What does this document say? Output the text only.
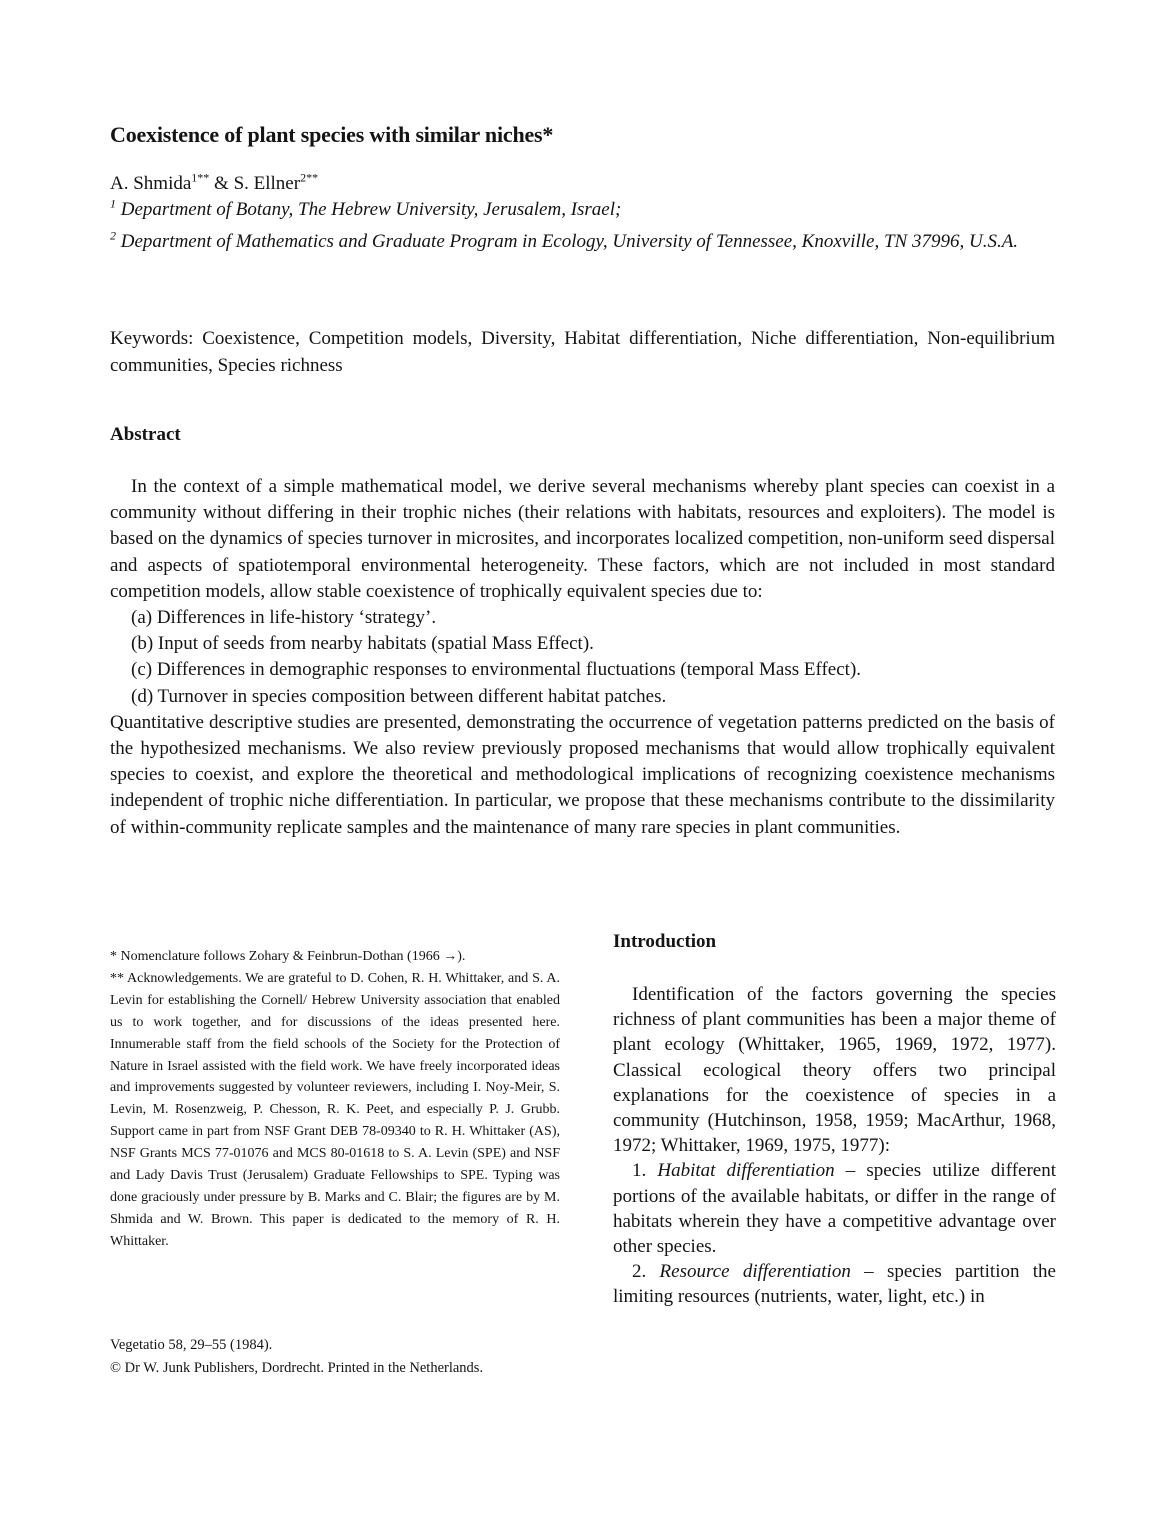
Coexistence of plant species with similar niches*
A. Shmida$^{1**}$ & S. Ellner$^{2**}$
$^1$ Department of Botany, The Hebrew University, Jerusalem, Israel;
$^2$ Department of Mathematics and Graduate Program in Ecology, University of Tennessee, Knoxville, TN 37996, U.S.A.
Keywords: Coexistence, Competition models, Diversity, Habitat differentiation, Niche differentiation, Non-equilibrium communities, Species richness
Abstract

In the context of a simple mathematical model, we derive several mechanisms whereby plant species can coexist in a community without differing in their trophic niches (their relations with habitats, resources and exploiters). The model is based on the dynamics of species turnover in microsites, and incorporates localized competition, non-uniform seed dispersal and aspects of spatiotemporal environmental heterogeneity. These factors, which are not included in most standard competition models, allow stable coexistence of trophically equivalent species due to:

(a) Differences in life-history ‘strategy’.
(b) Input of seeds from nearby habitats (spatial Mass Effect).
(c) Differences in demographic responses to environmental fluctuations (temporal Mass Effect).
(d) Turnover in species composition between different habitat patches.

Quantitative descriptive studies are presented, demonstrating the occurrence of vegetation patterns predicted on the basis of the hypothesized mechanisms. We also review previously proposed mechanisms that would allow trophically equivalent species to coexist, and explore the theoretical and methodological implications of recognizing coexistence mechanisms independent of trophic niche differentiation. In particular, we propose that these mechanisms contribute to the dissimilarity of within-community replicate samples and the maintenance of many rare species in plant communities.

* Nomenclature follows Zohary & Feinbrun-Dothan (1966 →).

** Acknowledgements. We are grateful to D. Cohen, R. H. Whittaker, and S. A. Levin for establishing the Cornell/ Hebrew University association that enabled us to work together, and for discussions of the ideas presented here. Innumerable staff from the field schools of the Society for the Protection of Nature in Israel assisted with the field work. We have freely incorporated ideas and improvements suggested by volunteer reviewers, including I. Noy-Meir, S. Levin, M. Rosenzweig, P. Chesson, R. K. Peet, and especially P. J. Grubb. Support came in part from NSF Grant DEB 78-09340 to R. H. Whittaker (AS), NSF Grants MCS 77-01076 and MCS 80-01618 to S. A. Levin (SPE) and NSF and Lady Davis Trust (Jerusalem) Graduate Fellowships to SPE. Typing was done graciously under pressure by B. Marks and C. Blair; the figures are by M. Shmida and W. Brown. This paper is dedicated to the memory of R. H. Whittaker.

Vegetatio 58, 29–55 (1984).
© Dr W. Junk Publishers, Dordrecht. Printed in the Netherlands.
Introduction

Identification of the factors governing the species richness of plant communities has been a major theme of plant ecology (Whittaker, 1965, 1969, 1972, 1977). Classical ecological theory offers two principal explanations for the coexistence of species in a community (Hutchinson, 1958, 1959; MacArthur, 1968, 1972; Whittaker, 1969, 1975, 1977):

1. Habitat differentiation – species utilize different portions of the available habitats, or differ in the range of habitats wherein they have a competitive advantage over other species.

2. Resource differentiation – species partition the limiting resources (nutrients, water, light, etc.) in
